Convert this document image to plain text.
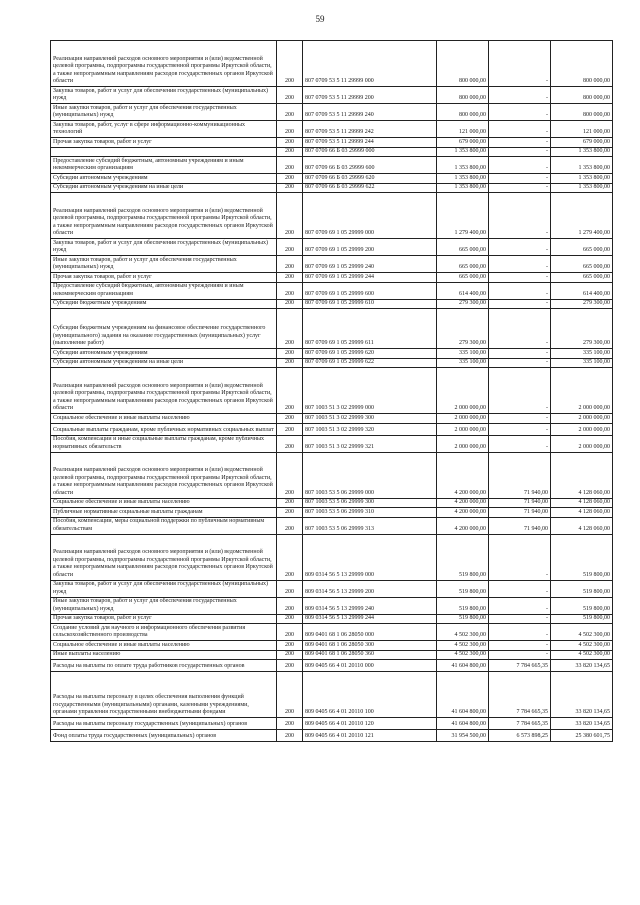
59
Реализация направлений расходов основного мероприятия и (или) ведомственной целевой программы, подпрограммы государственной программы Иркутской области, а также непрограммным направлениям расходов государственных органов Иркутской области	200	807 0709 53 5 11 29999 000	800 000,00	-	800 000,00
Закупка товаров, работ и услуг для обеспечения государственных (муниципальных) нужд	200	807 0709 53 5 11 29999 200	800 000,00	-	800 000,00
Иные закупки товаров, работ и услуг для обеспечения государственных (муниципальных) нужд	200	807 0709 53 5 11 29999 240	800 000,00	-	800 000,00
Закупка товаров, работ, услуг в сфере информационно-коммуникационных технологий	200	807 0709 53 5 11 29999 242	121 000,00	-	121 000,00
Прочая закупка товаров, работ и услуг	200	807 0709 53 5 11 29999 244	679 000,00	-	679 000,00
	200	807 0709 66 Б 03 29999 000	1 353 800,00	-	1 353 800,00
Предоставление субсидий бюджетным, автономным учреждениям и иным некоммерческим организациям	200	807 0709 66 Б 03 29999 600	1 353 800,00	-	1 353 800,00
Субсидии автономным учреждениям	200	807 0709 66 Б 03 29999 620	1 353 800,00	-	1 353 800,00
Субсидии автономным учреждениям на иные цели	200	807 0709 66 Б 03 29999 622	1 353 800,00	-	1 353 800,00
Реализация направлений расходов основного мероприятия и (или) ведомственной целевой программы, подпрограммы государственной программы Иркутской области, а также непрограммным направлениям расходов государственных органов Иркутской области	200	807 0709 69 1 05 29999 000	1 279 400,00	-	1 279 400,00
Закупка товаров, работ и услуг для обеспечения государственных (муниципальных) нужд	200	807 0709 69 1 05 29999 200	665 000,00	-	665 000,00
Иные закупки товаров, работ и услуг для обеспечения государственных (муниципальных) нужд	200	807 0709 69 1 05 29999 240	665 000,00	-	665 000,00
Прочая закупка товаров, работ и услуг	200	807 0709 69 1 05 29999 244	665 000,00	-	665 000,00
Предоставление субсидий бюджетным, автономным учреждениям и иным некоммерческим организациям	200	807 0709 69 1 05 29999 600	614 400,00	-	614 400,00
Субсидии бюджетным учреждениям	200	807 0709 69 1 05 29999 610	279 300,00	-	279 300,00
Субсидии бюджетным учреждениям на финансовое обеспечение государственного (муниципального) задания на оказание государственных (муниципальных) услуг (выполнение работ)	200	807 0709 69 1 05 29999 611	279 300,00	-	279 300,00
Субсидии автономным учреждениям	200	807 0709 69 1 05 29999 620	335 100,00	-	335 100,00
Субсидии автономным учреждениям на иные цели	200	807 0709 69 1 05 29999 622	335 100,00	-	335 100,00
Реализация направлений расходов основного мероприятия и (или) ведомственной целевой программы, подпрограммы государственной программы Иркутской области, а также непрограммным направлениям расходов государственных органов Иркутской области	200	807 1003 51 3 02 29999 000	2 000 000,00	-	2 000 000,00
Социальное обеспечение и иные выплаты населению	200	807 1003 51 3 02 29999 300	2 000 000,00	-	2 000 000,00
Социальные выплаты гражданам, кроме публичных нормативных социальных выплат	200	807 1003 51 3 02 29999 320	2 000 000,00	-	2 000 000,00
Пособия, компенсации и иные социальные выплаты гражданам, кроме публичных нормативных обязательств	200	807 1003 51 3 02 29999 321	2 000 000,00	-	2 000 000,00
Реализация направлений расходов основного мероприятия и (или) ведомственной целевой программы, подпрограммы государственной программы Иркутской области, а также непрограммным направлениям расходов государственных органов Иркутской области	200	807 1003 53 5 06 29999 000	4 200 000,00	71 940,00	4 128 060,00
Социальное обеспечение и иные выплаты населению	200	807 1003 53 5 06 29999 300	4 200 000,00	71 940,00	4 128 060,00
Публичные нормативные социальные выплаты гражданам	200	807 1003 53 5 06 29999 310	4 200 000,00	71 940,00	4 128 060,00
Пособия, компенсации, меры социальной поддержки по публичным нормативным обязательствам	200	807 1003 53 5 06 29999 313	4 200 000,00	71 940,00	4 128 060,00
Реализация направлений расходов основного мероприятия и (или) ведомственной целевой программы, подпрограммы государственной программы Иркутской области, а также непрограммным направлениям расходов государственных органов Иркутской области	200	809 0314 56 5 13 29999 000	519 800,00	-	519 800,00
Закупка товаров, работ и услуг для обеспечения государственных (муниципальных) нужд	200	809 0314 56 5 13 29999 200	519 800,00	-	519 800,00
Иные закупки товаров, работ и услуг для обеспечения государственных (муниципальных) нужд	200	809 0314 56 5 13 29999 240	519 800,00	-	519 800,00
Прочая закупка товаров, работ и услуг	200	809 0314 56 5 13 29999 244	519 800,00	-	519 800,00
Создание условий для научного и информационного обеспечения развития сельскохозяйственного производства	200	809 0401 68 1 06 28050 000	4 502 300,00	-	4 502 300,00
Социальное обеспечение и иные выплаты населению	200	809 0401 68 1 06 28050 300	4 502 300,00	-	4 502 300,00
Иные выплаты населению	200	809 0401 68 1 06 28050 360	4 502 300,00	-	4 502 300,00
Расходы на выплаты по оплате труда работников государственных органов	200	809 0405 66 4 01 20110 000	41 604 800,00	7 784 665,35	33 820 134,65
Расходы на выплаты персоналу в целях обеспечения выполнения функций государственными (муниципальными) органами, казенными учреждениями, органами управления государственными внебюджетными фондами	200	809 0405 66 4 01 20110 100	41 604 800,00	7 784 665,35	33 820 134,65
Расходы на выплаты персоналу государственных (муниципальных) органов	200	809 0405 66 4 01 20110 120	41 604 800,00	7 784 665,35	33 820 134,65
Фонд оплаты труда государственных (муниципальных) органов	200	809 0405 66 4 01 20110 121	31 954 500,00	6 573 898,25	25 380 601,75
